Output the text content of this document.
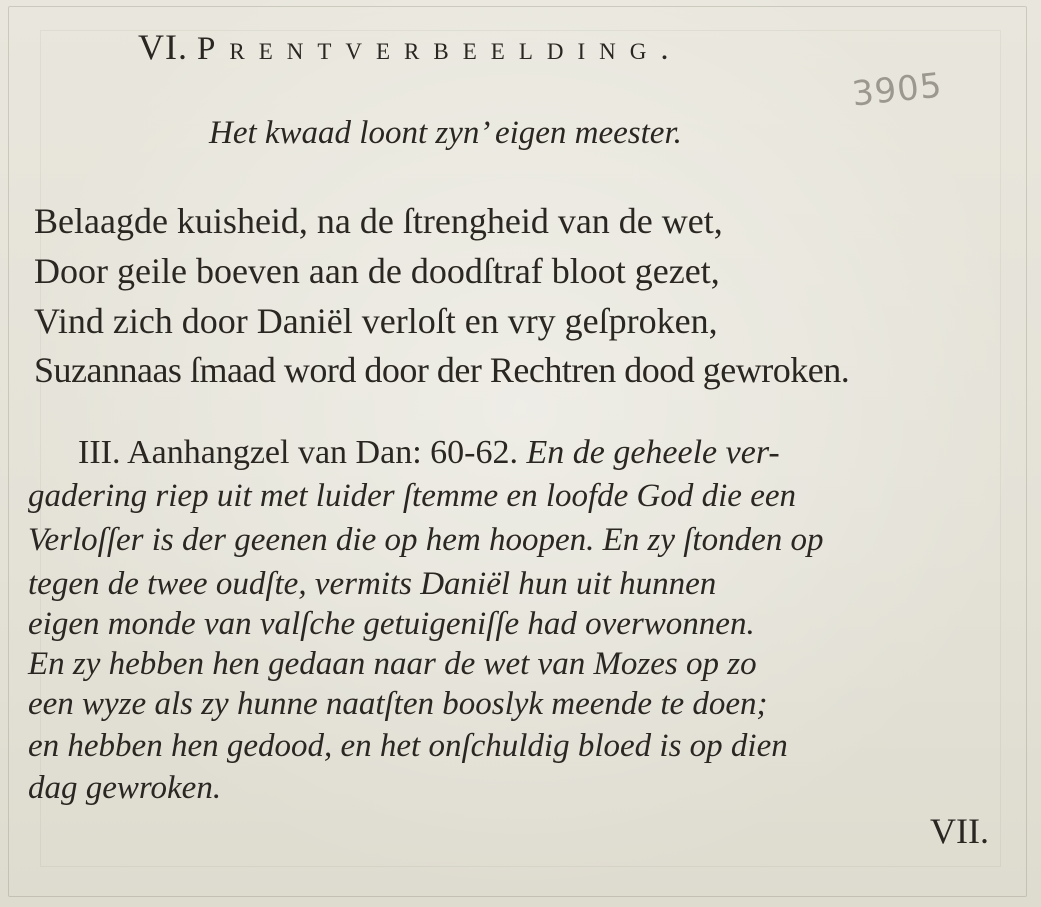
VI. Prentverbeelding.

3905

Het kwaad loont zyn’ eigen meester.

Belaagde kuisheid, na de ſtrengheid van de wet,

Door geile boeven aan de doodſtraf bloot gezet,

Vind zich door Daniël verloſt en vry geſproken,

Suzannaas ſmaad word door der Rechtren dood gewroken.

III. Aanhangzel van Dan: 60-62. En de geheele ver-

gadering riep uit met luider ſtemme en loofde God die een

Verloſſer is der geenen die op hem hoopen. En zy ſtonden op

tegen de twee oudſte, vermits Daniël hun uit hunnen

eigen monde van valſche getuigeniſſe had overwonnen.

En zy hebben hen gedaan naar de wet van Mozes op zo

een wyze als zy hunne naatſten booslyk meende te doen;

en hebben hen gedood, en het onſchuldig bloed is op dien

dag gewroken.

VII.
